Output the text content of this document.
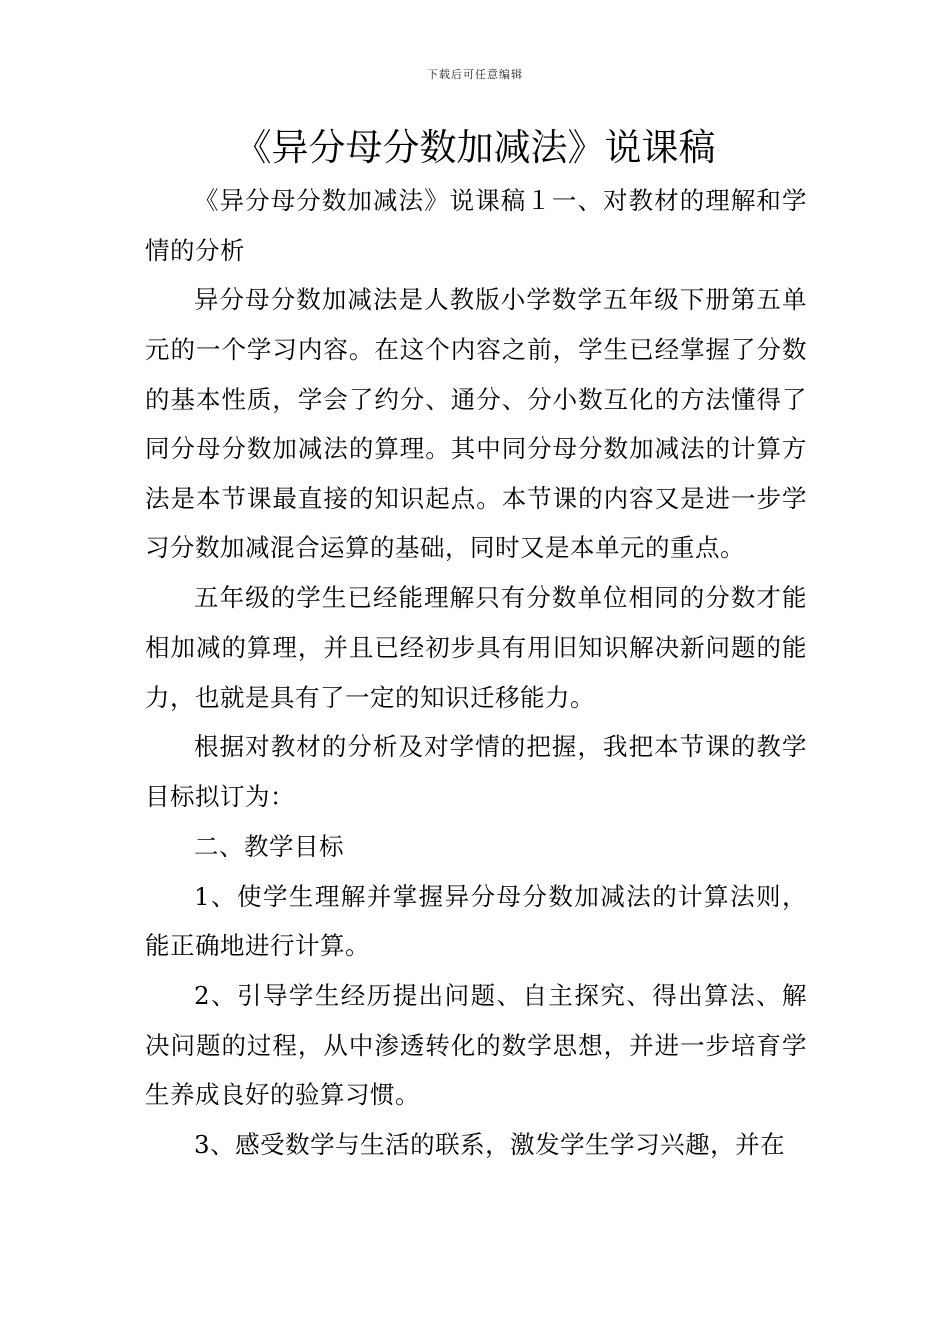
下载后可任意编辑
《异分母分数加减法》说课稿

《异分母分数加减法》说课稿１一、对教材的理解和学情的分析

异分母分数加减法是人教版小学数学五年级下册第五单元的一个学习内容。在这个内容之前，学生已经掌握了分数的基本性质，学会了约分、通分、分小数互化的方法懂得了同分母分数加减法的算理。其中同分母分数加减法的计算方法是本节课最直接的知识起点。本节课的内容又是进一步学习分数加减混合运算的基础，同时又是本单元的重点。

五年级的学生已经能理解只有分数单位相同的分数才能相加减的算理，并且已经初步具有用旧知识解决新问题的能力，也就是具有了一定的知识迁移能力。

根据对教材的分析及对学情的把握，我把本节课的教学目标拟订为：

二、教学目标

1、使学生理解并掌握异分母分数加减法的计算法则，能正确地进行计算。

2、引导学生经历提出问题、自主探究、得出算法、解决问题的过程，从中渗透转化的数学思想，并进一步培育学生养成良好的验算习惯。

3、感受数学与生活的联系，激发学生学习兴趣，并在
